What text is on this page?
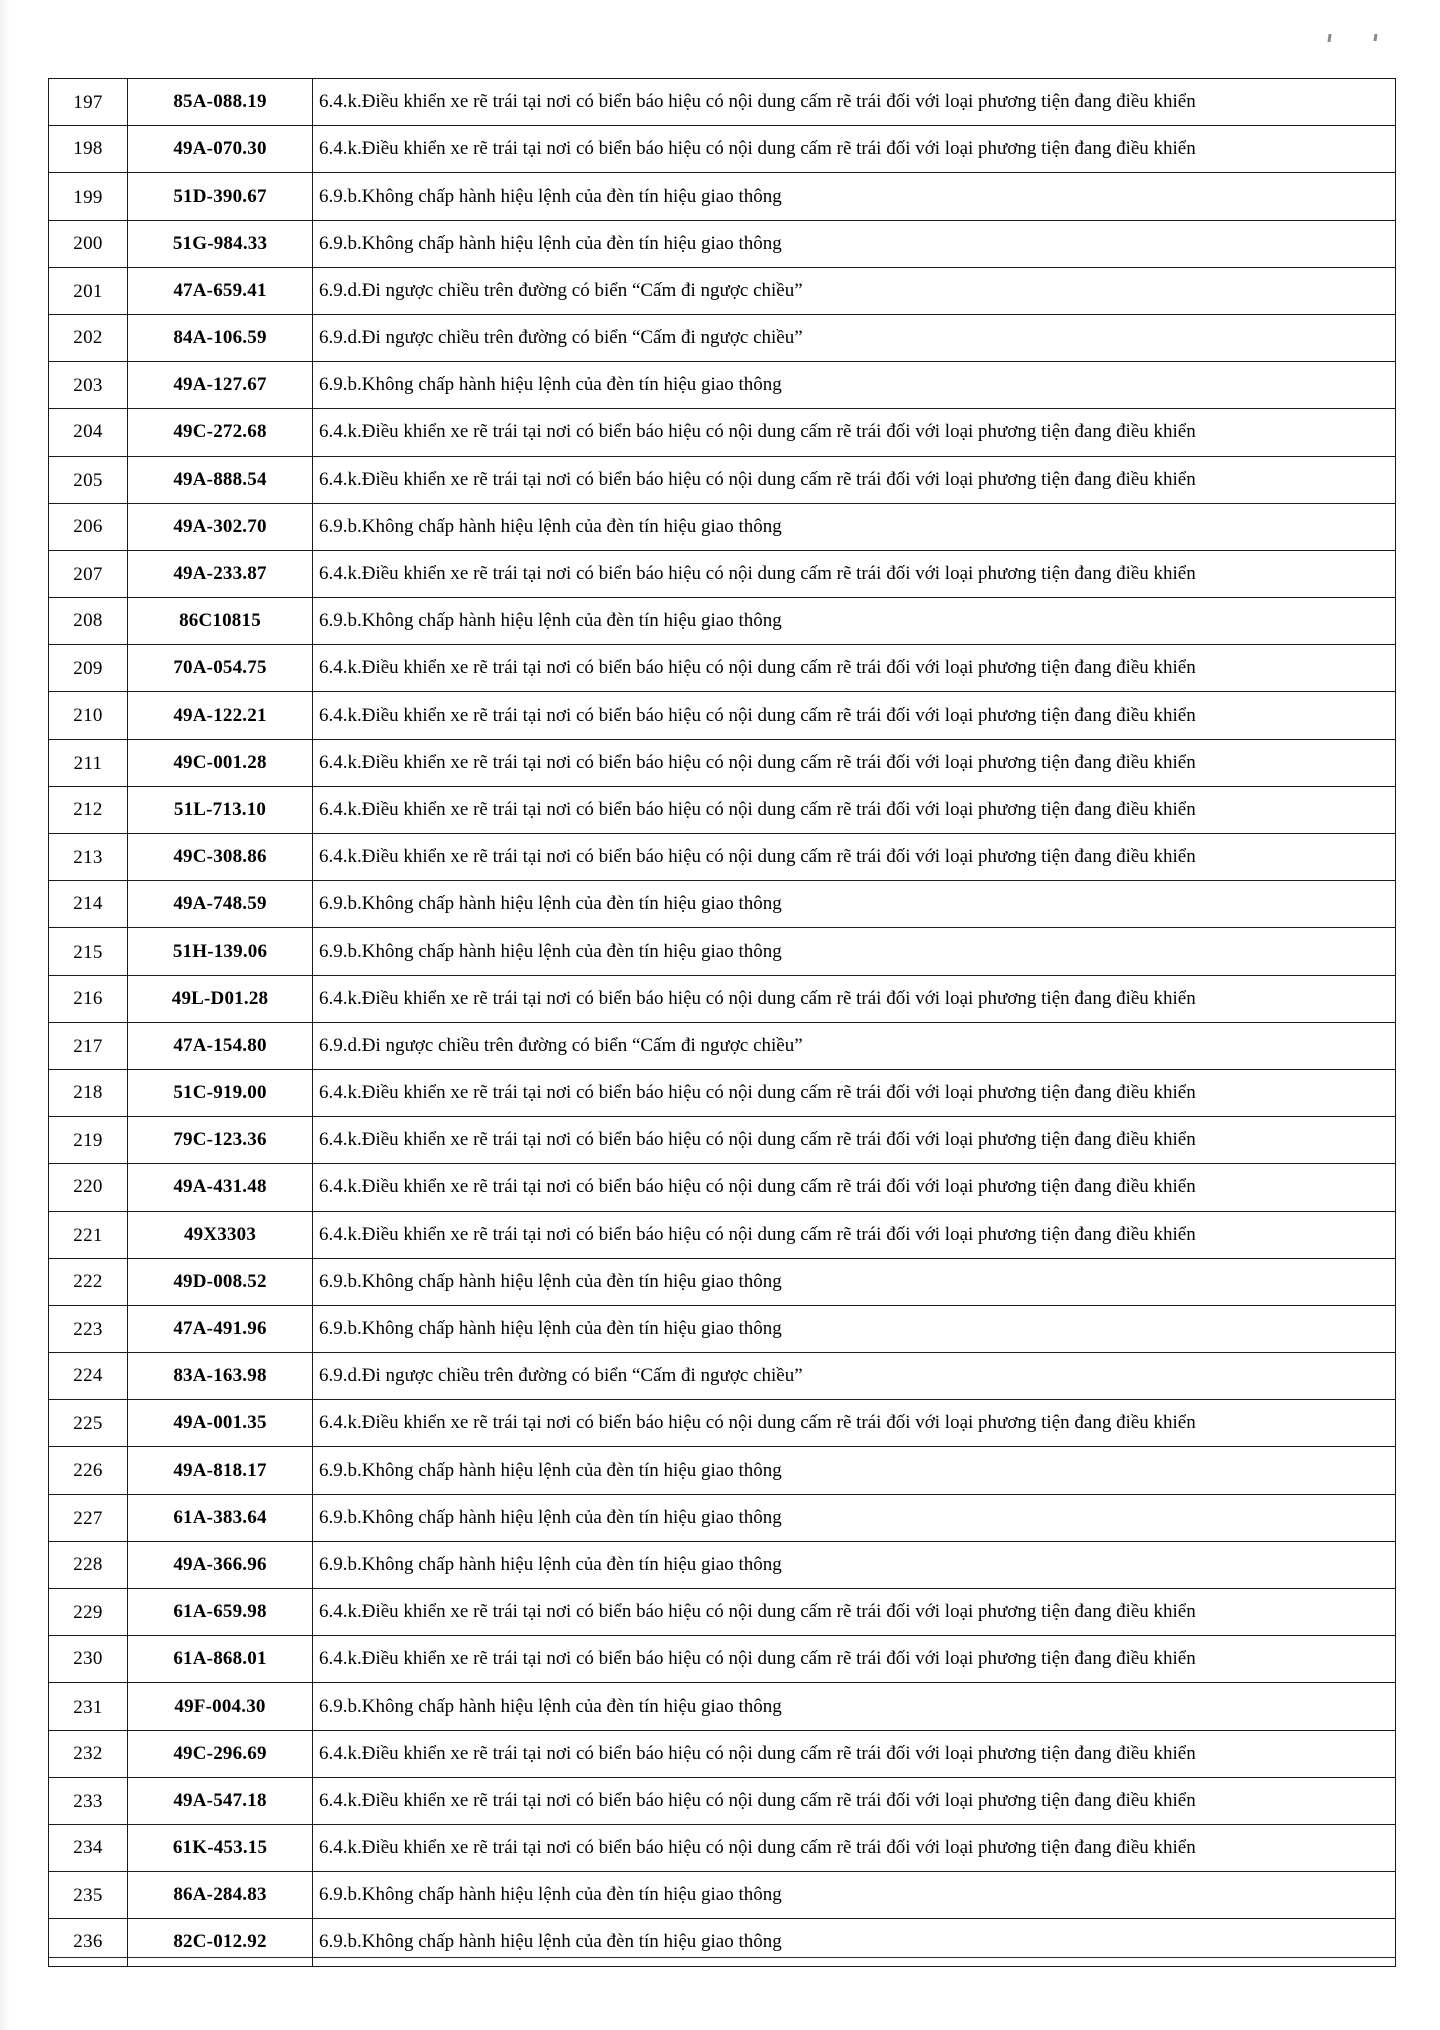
197	85A-088.19	6.4.k.Điều khiển xe rẽ trái tại nơi có biển báo hiệu có nội dung cấm rẽ trái đối với loại phương tiện đang điều khiển
198	49A-070.30	6.4.k.Điều khiển xe rẽ trái tại nơi có biển báo hiệu có nội dung cấm rẽ trái đối với loại phương tiện đang điều khiển
199	51D-390.67	6.9.b.Không chấp hành hiệu lệnh của đèn tín hiệu giao thông
200	51G-984.33	6.9.b.Không chấp hành hiệu lệnh của đèn tín hiệu giao thông
201	47A-659.41	6.9.d.Đi ngược chiều trên đường có biển “Cấm đi ngược chiều”
202	84A-106.59	6.9.d.Đi ngược chiều trên đường có biển “Cấm đi ngược chiều”
203	49A-127.67	6.9.b.Không chấp hành hiệu lệnh của đèn tín hiệu giao thông
204	49C-272.68	6.4.k.Điều khiển xe rẽ trái tại nơi có biển báo hiệu có nội dung cấm rẽ trái đối với loại phương tiện đang điều khiển
205	49A-888.54	6.4.k.Điều khiển xe rẽ trái tại nơi có biển báo hiệu có nội dung cấm rẽ trái đối với loại phương tiện đang điều khiển
206	49A-302.70	6.9.b.Không chấp hành hiệu lệnh của đèn tín hiệu giao thông
207	49A-233.87	6.4.k.Điều khiển xe rẽ trái tại nơi có biển báo hiệu có nội dung cấm rẽ trái đối với loại phương tiện đang điều khiển
208	86C10815	6.9.b.Không chấp hành hiệu lệnh của đèn tín hiệu giao thông
209	70A-054.75	6.4.k.Điều khiển xe rẽ trái tại nơi có biển báo hiệu có nội dung cấm rẽ trái đối với loại phương tiện đang điều khiển
210	49A-122.21	6.4.k.Điều khiển xe rẽ trái tại nơi có biển báo hiệu có nội dung cấm rẽ trái đối với loại phương tiện đang điều khiển
211	49C-001.28	6.4.k.Điều khiển xe rẽ trái tại nơi có biển báo hiệu có nội dung cấm rẽ trái đối với loại phương tiện đang điều khiển
212	51L-713.10	6.4.k.Điều khiển xe rẽ trái tại nơi có biển báo hiệu có nội dung cấm rẽ trái đối với loại phương tiện đang điều khiển
213	49C-308.86	6.4.k.Điều khiển xe rẽ trái tại nơi có biển báo hiệu có nội dung cấm rẽ trái đối với loại phương tiện đang điều khiển
214	49A-748.59	6.9.b.Không chấp hành hiệu lệnh của đèn tín hiệu giao thông
215	51H-139.06	6.9.b.Không chấp hành hiệu lệnh của đèn tín hiệu giao thông
216	49L-D01.28	6.4.k.Điều khiển xe rẽ trái tại nơi có biển báo hiệu có nội dung cấm rẽ trái đối với loại phương tiện đang điều khiển
217	47A-154.80	6.9.d.Đi ngược chiều trên đường có biển “Cấm đi ngược chiều”
218	51C-919.00	6.4.k.Điều khiển xe rẽ trái tại nơi có biển báo hiệu có nội dung cấm rẽ trái đối với loại phương tiện đang điều khiển
219	79C-123.36	6.4.k.Điều khiển xe rẽ trái tại nơi có biển báo hiệu có nội dung cấm rẽ trái đối với loại phương tiện đang điều khiển
220	49A-431.48	6.4.k.Điều khiển xe rẽ trái tại nơi có biển báo hiệu có nội dung cấm rẽ trái đối với loại phương tiện đang điều khiển
221	49X3303	6.4.k.Điều khiển xe rẽ trái tại nơi có biển báo hiệu có nội dung cấm rẽ trái đối với loại phương tiện đang điều khiển
222	49D-008.52	6.9.b.Không chấp hành hiệu lệnh của đèn tín hiệu giao thông
223	47A-491.96	6.9.b.Không chấp hành hiệu lệnh của đèn tín hiệu giao thông
224	83A-163.98	6.9.d.Đi ngược chiều trên đường có biển “Cấm đi ngược chiều”
225	49A-001.35	6.4.k.Điều khiển xe rẽ trái tại nơi có biển báo hiệu có nội dung cấm rẽ trái đối với loại phương tiện đang điều khiển
226	49A-818.17	6.9.b.Không chấp hành hiệu lệnh của đèn tín hiệu giao thông
227	61A-383.64	6.9.b.Không chấp hành hiệu lệnh của đèn tín hiệu giao thông
228	49A-366.96	6.9.b.Không chấp hành hiệu lệnh của đèn tín hiệu giao thông
229	61A-659.98	6.4.k.Điều khiển xe rẽ trái tại nơi có biển báo hiệu có nội dung cấm rẽ trái đối với loại phương tiện đang điều khiển
230	61A-868.01	6.4.k.Điều khiển xe rẽ trái tại nơi có biển báo hiệu có nội dung cấm rẽ trái đối với loại phương tiện đang điều khiển
231	49F-004.30	6.9.b.Không chấp hành hiệu lệnh của đèn tín hiệu giao thông
232	49C-296.69	6.4.k.Điều khiển xe rẽ trái tại nơi có biển báo hiệu có nội dung cấm rẽ trái đối với loại phương tiện đang điều khiển
233	49A-547.18	6.4.k.Điều khiển xe rẽ trái tại nơi có biển báo hiệu có nội dung cấm rẽ trái đối với loại phương tiện đang điều khiển
234	61K-453.15	6.4.k.Điều khiển xe rẽ trái tại nơi có biển báo hiệu có nội dung cấm rẽ trái đối với loại phương tiện đang điều khiển
235	86A-284.83	6.9.b.Không chấp hành hiệu lệnh của đèn tín hiệu giao thông
236	82C-012.92	6.9.b.Không chấp hành hiệu lệnh của đèn tín hiệu giao thông
